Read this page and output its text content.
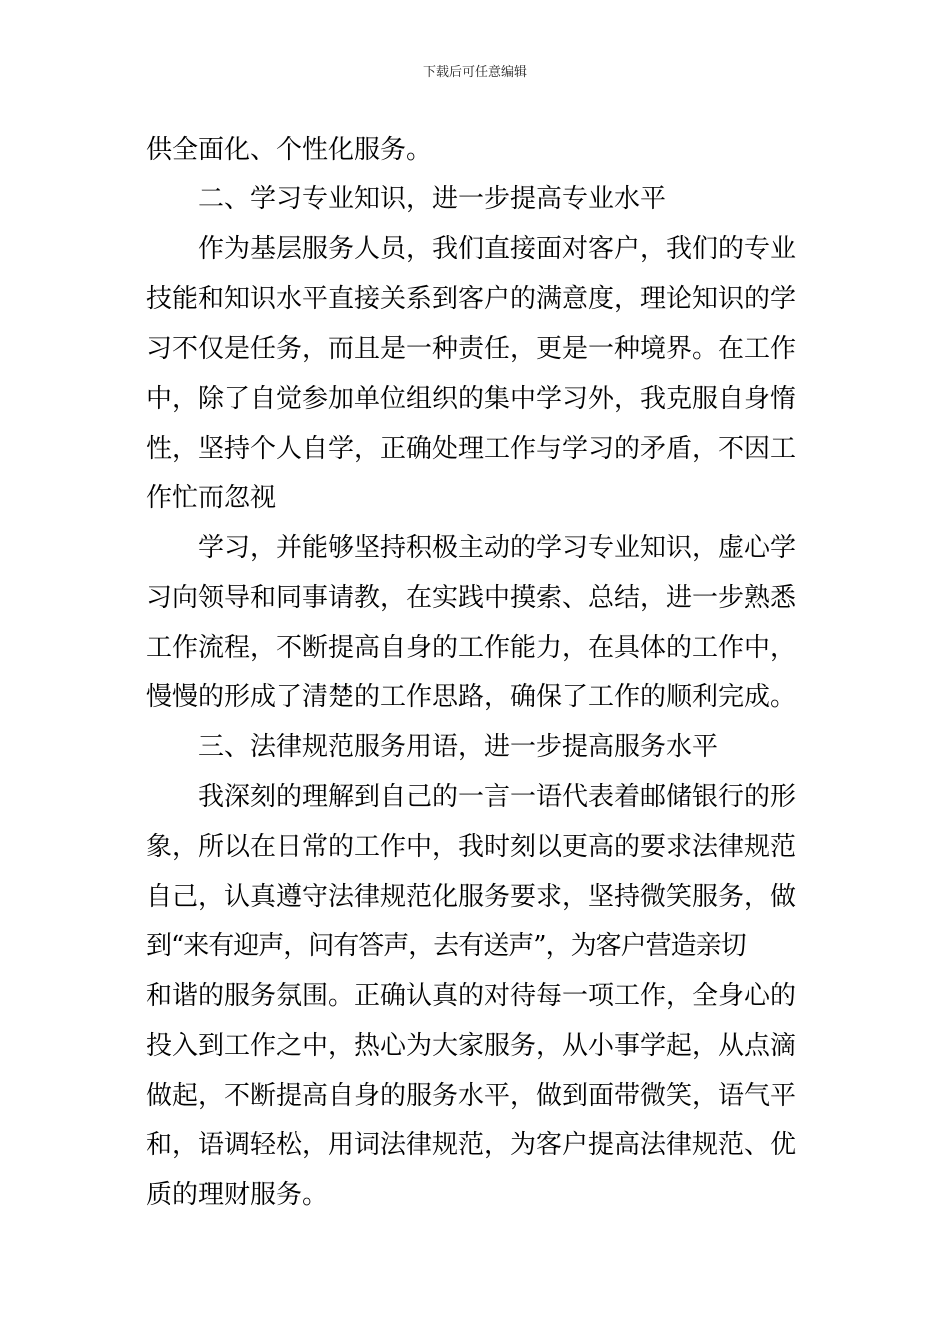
下载后可任意编辑
供全面化、个性化服务。
二、学习专业知识，进一步提高专业水平
作为基层服务人员，我们直接面对客户，我们的专业
技能和知识水平直接关系到客户的满意度，理论知识的学
习不仅是任务，而且是一种责任，更是一种境界。在工作
中，除了自觉参加单位组织的集中学习外，我克服自身惰
性，坚持个人自学，正确处理工作与学习的矛盾，不因工
作忙而忽视
学习，并能够坚持积极主动的学习专业知识，虚心学
习向领导和同事请教，在实践中摸索、总结，进一步熟悉
工作流程，不断提高自身的工作能力，在具体的工作中，
慢慢的形成了清楚的工作思路，确保了工作的顺利完成。
三、法律规范服务用语，进一步提高服务水平
我深刻的理解到自己的一言一语代表着邮储银行的形
象，所以在日常的工作中，我时刻以更高的要求法律规范
自己，认真遵守法律规范化服务要求，坚持微笑服务，做
到“来有迎声，问有答声，去有送声”，为客户营造亲切
和谐的服务氛围。正确认真的对待每一项工作，全身心的
投入到工作之中，热心为大家服务，从小事学起，从点滴
做起，不断提高自身的服务水平，做到面带微笑，语气平
和，语调轻松，用词法律规范，为客户提高法律规范、优
质的理财服务。
